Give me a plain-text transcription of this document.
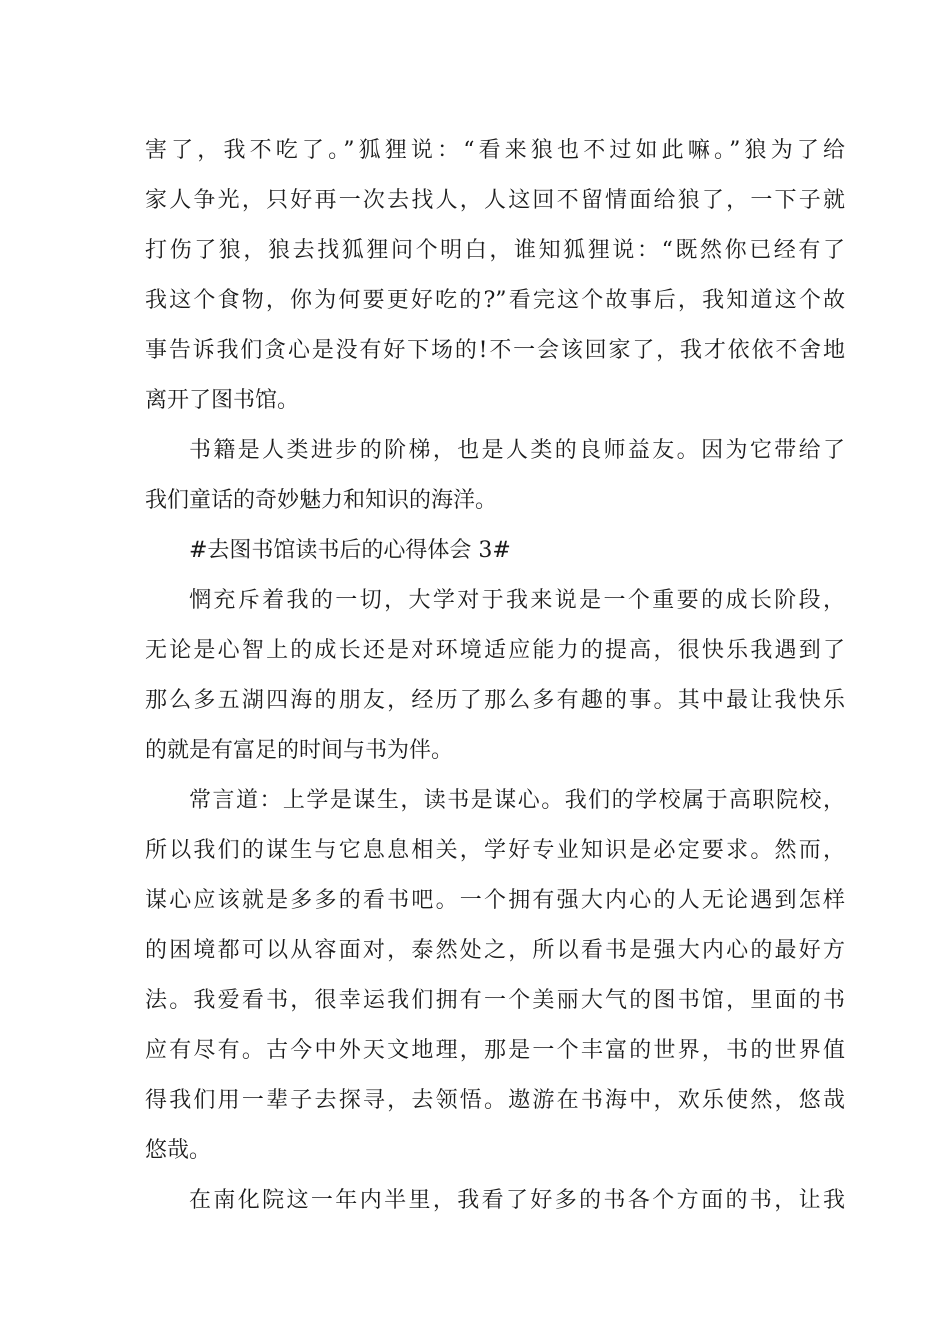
害了，我不吃了。”狐狸说：“看来狼也不过如此嘛。”狼为了给
家人争光，只好再一次去找人，人这回不留情面给狼了，一下子就
打伤了狼，狼去找狐狸问个明白，谁知狐狸说：“既然你已经有了
我这个食物，你为何要更好吃的?”看完这个故事后，我知道这个故
事告诉我们贪心是没有好下场的!不一会该回家了，我才依依不舍地
离开了图书馆。
书籍是人类进步的阶梯，也是人类的良师益友。因为它带给了
我们童话的奇妙魅力和知识的海洋。
#去图书馆读书后的心得体会 3#
惘充斥着我的一切，大学对于我来说是一个重要的成长阶段，
无论是心智上的成长还是对环境适应能力的提高，很快乐我遇到了
那么多五湖四海的朋友，经历了那么多有趣的事。其中最让我快乐
的就是有富足的时间与书为伴。
常言道：上学是谋生，读书是谋心。我们的学校属于高职院校，
所以我们的谋生与它息息相关，学好专业知识是必定要求。然而，
谋心应该就是多多的看书吧。一个拥有强大内心的人无论遇到怎样
的困境都可以从容面对，泰然处之，所以看书是强大内心的最好方
法。我爱看书，很幸运我们拥有一个美丽大气的图书馆，里面的书
应有尽有。古今中外天文地理，那是一个丰富的世界，书的世界值
得我们用一辈子去探寻，去领悟。遨游在书海中，欢乐使然，悠哉
悠哉。
在南化院这一年内半里，我看了好多的书各个方面的书，让我
